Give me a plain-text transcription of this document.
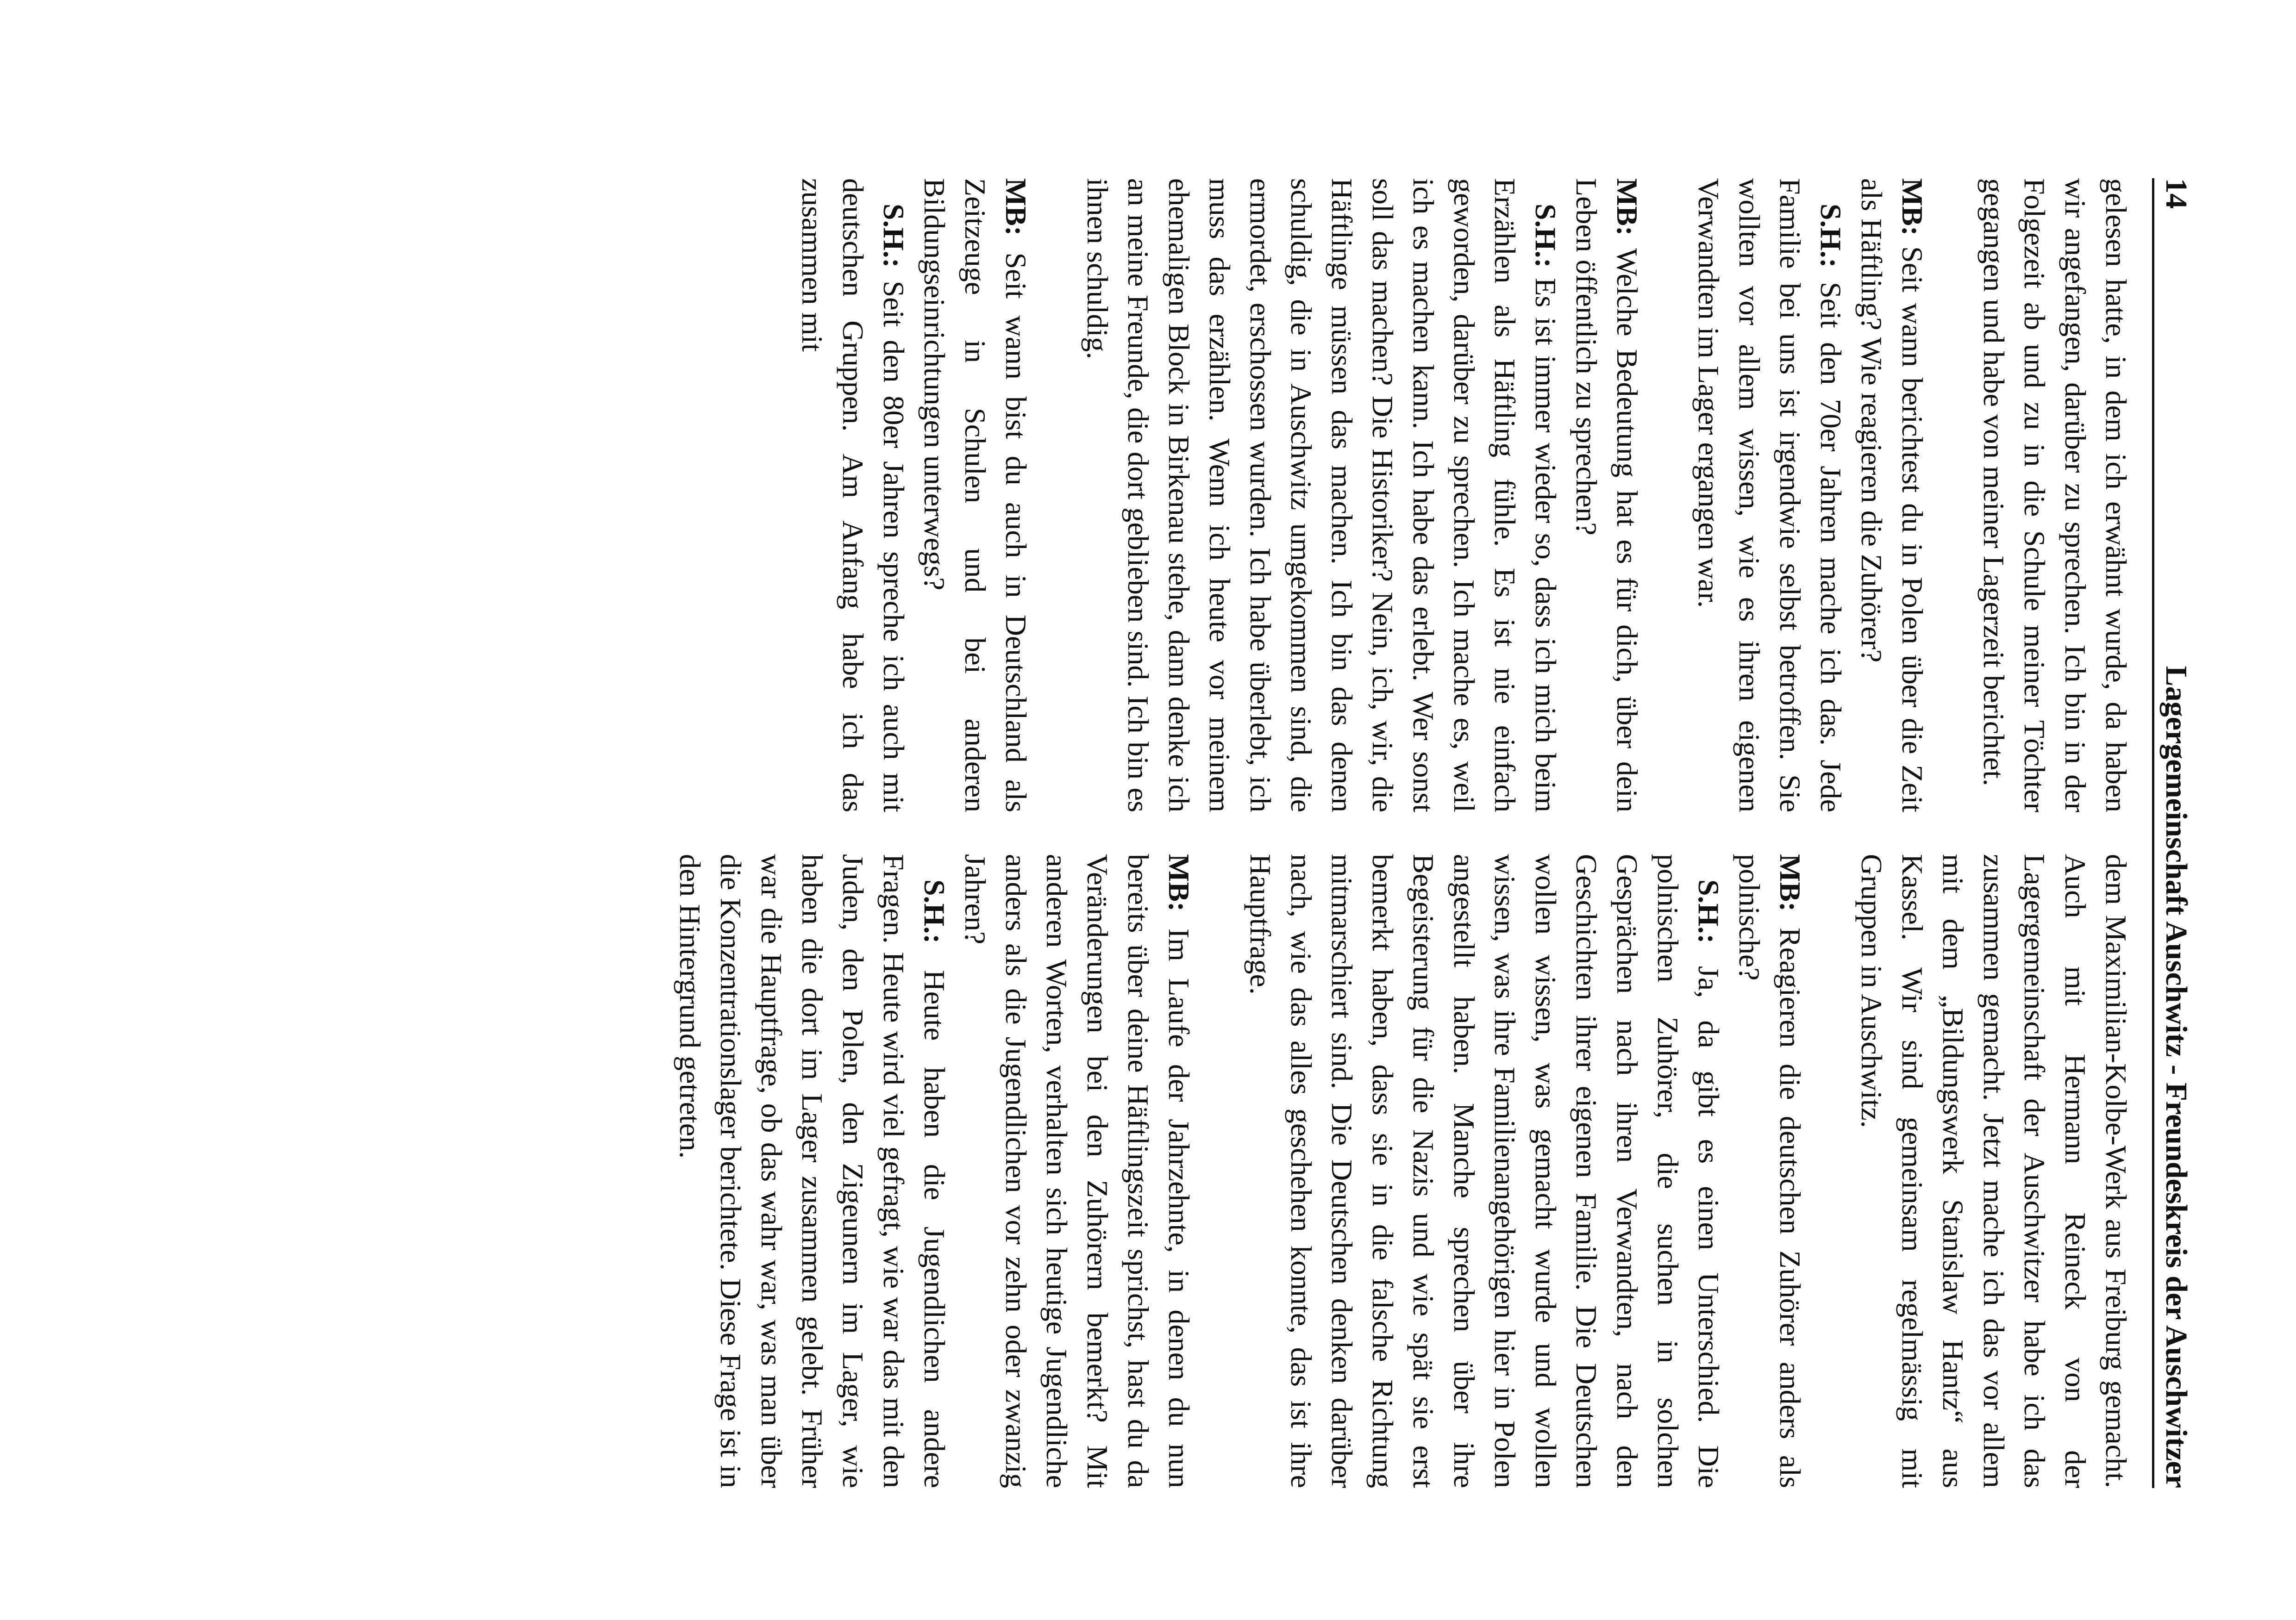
14
Lagergemeinschaft Auschwitz - Freundeskreis der Auschwitzer

gelesen hatte, in dem ich erwähnt wurde, da haben wir angefangen, darüber zu sprechen. Ich bin in der Folgezeit ab und zu in die Schule meiner Töchter gegangen und habe von meiner Lagerzeit berichtet.

MB: Seit wann berichtest du in Polen über die Zeit als Häftling? Wie reagieren die Zuhörer?

S.H.: Seit den 70er Jahren mache ich das. Jede Familie bei uns ist irgendwie selbst betroffen. Sie wollten vor allem wissen, wie es ihren eigenen Verwandten im Lager ergangen war.

MB: Welche Bedeutung hat es für dich, über dein Leben öffentlich zu sprechen?

S.H.: Es ist immer wieder so, dass ich mich beim Erzählen als Häftling fühle. Es ist nie einfach geworden, darüber zu sprechen. Ich mache es, weil ich es machen kann. Ich habe das erlebt. Wer sonst soll das machen? Die Historiker? Nein, ich, wir, die Häftlinge müssen das machen. Ich bin das denen schuldig, die in Auschwitz umgekommen sind, die ermordet, erschossen wurden. Ich habe überlebt, ich muss das erzählen. Wenn ich heute vor meinem ehemaligen Block in Birkenau stehe, dann denke ich an meine Freunde, die dort geblieben sind. Ich bin es ihnen schuldig.

MB: Seit wann bist du auch in Deutschland als Zeitzeuge in Schulen und bei anderen Bildungseinrichtungen unterwegs?

S.H.: Seit den 80er Jahren spreche ich auch mit deutschen Gruppen. Am Anfang habe ich das zusammen mit

dem Maximilian-Kolbe-Werk aus Freiburg gemacht. Auch mit Hermann Reineck von der Lagergemeinschaft der Auschwitzer habe ich das zusammen gemacht. Jetzt mache ich das vor allem mit dem „Bildungswerk Stanislaw Hantz“ aus Kassel. Wir sind gemeinsam regelmässig mit Gruppen in Auschwitz.

MB: Reagieren die deutschen Zuhörer anders als polnische?

S.H.: Ja, da gibt es einen Unterschied. Die polnischen Zuhörer, die suchen in solchen Gesprächen nach ihren Verwandten, nach den Geschichten ihrer eigenen Familie. Die Deutschen wollen wissen, was gemacht wurde und wollen wissen, was ihre Familienangehörigen hier in Polen angestellt haben. Manche sprechen über ihre Begeisterung für die Nazis und wie spät sie erst bemerkt haben, dass sie in die falsche Richtung mitmarschiert sind. Die Deutschen denken darüber nach, wie das alles geschehen konnte, das ist ihre Hauptfrage.

MB: Im Laufe der Jahrzehnte, in denen du nun bereits über deine Häftlingszeit sprichst, hast du da Veränderungen bei den Zuhörern bemerkt? Mit anderen Worten, verhalten sich heutige Jugendliche anders als die Jugendlichen vor zehn oder zwanzig Jahren?

S.H.: Heute haben die Jugendlichen andere Fragen. Heute wird viel gefragt, wie war das mit den Juden, den Polen, den Zigeunern im Lager, wie haben die dort im Lager zusammen gelebt. Früher war die Hauptfrage, ob das wahr war, was man über die Konzentrationslager berichtete. Diese Frage ist in den Hintergrund getreten.
